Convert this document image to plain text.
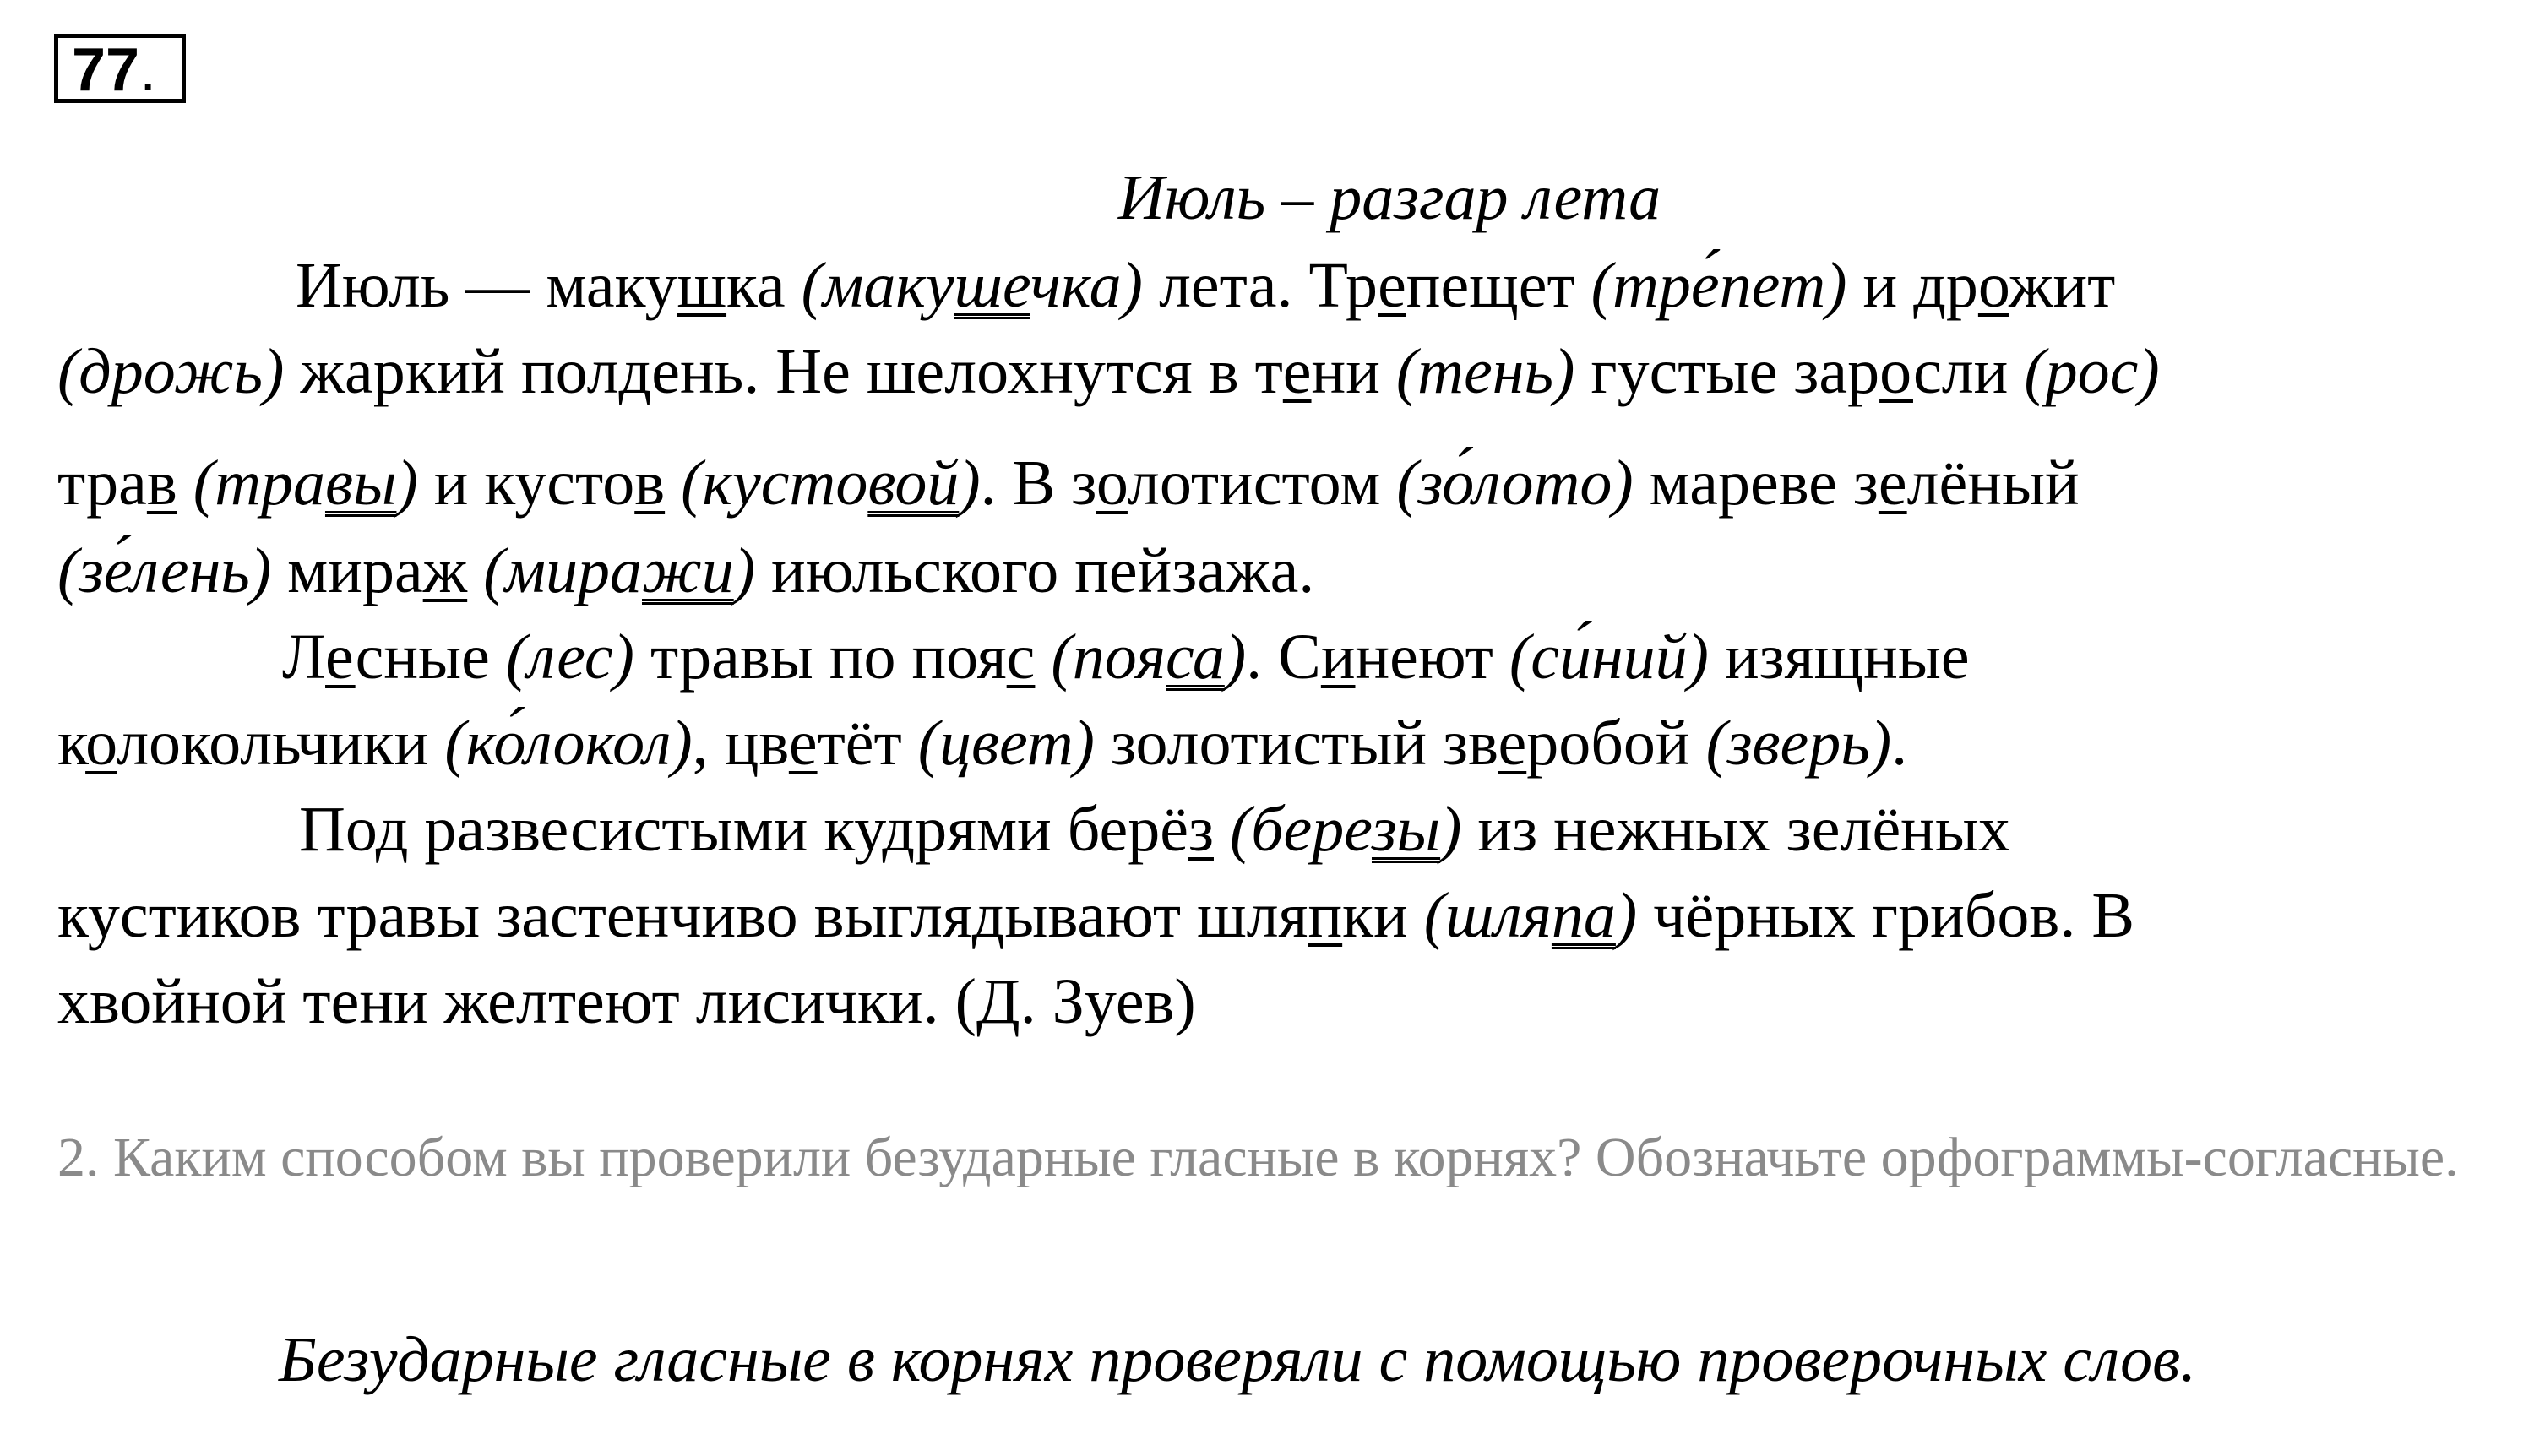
77.
Июль – разгар лета
Июль — макушка (макушечка) лета. Трепещет (тре́пет) и дрожит
(дрожь) жаркий полдень. Не шелохнутся в тени (тень) густые заросли (рос)
трав (травы) и кустов (кустовой). В золотистом (зо́лото) мареве зелёный
(зе́лень) мираж (миражи) июльского пейзажа.
Лесные (лес) травы по пояс (пояса). Синеют (си́ний) изящные
колокольчики (ко́локол), цветёт (цвет) золотистый зверобой (зверь).
Под развесистыми кудрями берёз (березы) из нежных зелёных
кустиков травы застенчиво выглядывают шляпки (шляпа) чёрных грибов. В
хвойной тени желтеют лисички. (Д. Зуев)
2. Каким способом вы проверили безударные гласные в корнях? Обозначьте орфограммы-согласные.
Безударные гласные в корнях проверяли с помощью проверочных слов.
